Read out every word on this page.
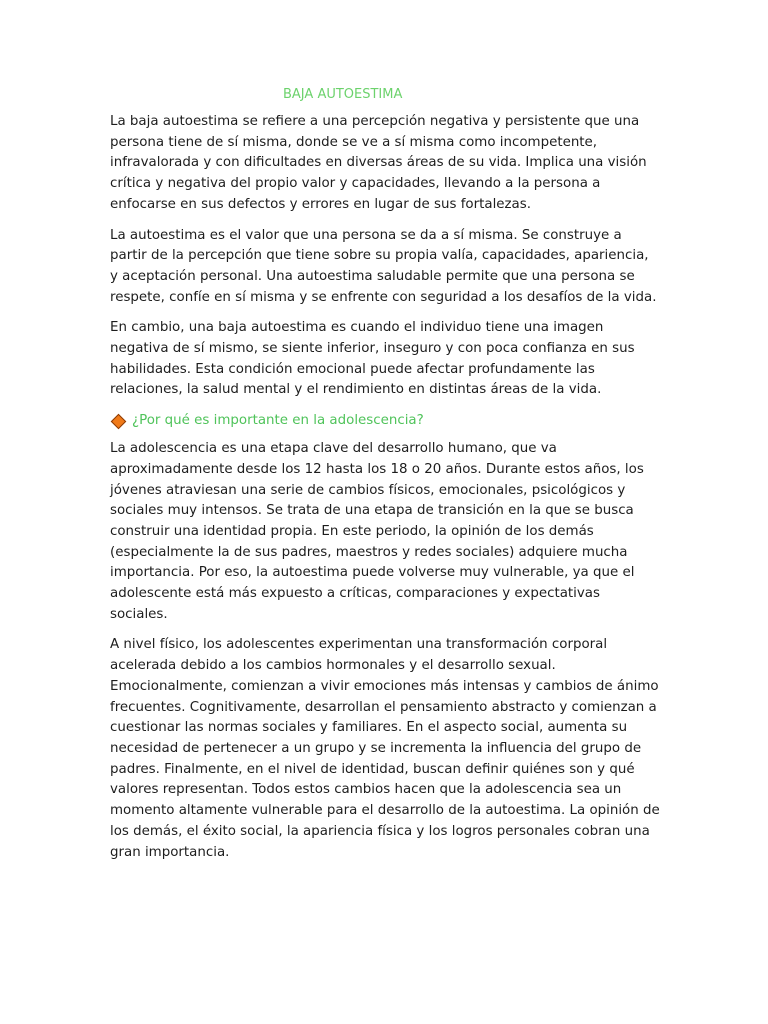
BAJA AUTOESTIMA

La baja autoestima se refiere a una percepción negativa y persistente que una persona tiene de sí misma, donde se ve a sí misma como incompetente, infravalorada y con dificultades en diversas áreas de su vida. Implica una visión crítica y negativa del propio valor y capacidades, llevando a la persona a enfocarse en sus defectos y errores en lugar de sus fortalezas.

La autoestima es el valor que una persona se da a sí misma. Se construye a partir de la percepción que tiene sobre su propia valía, capacidades, apariencia, y aceptación personal. Una autoestima saludable permite que una persona se respete, confíe en sí misma y se enfrente con seguridad a los desafíos de la vida.

En cambio, una baja autoestima es cuando el individuo tiene una imagen negativa de sí mismo, se siente inferior, inseguro y con poca confianza en sus habilidades. Esta condición emocional puede afectar profundamente las relaciones, la salud mental y el rendimiento en distintas áreas de la vida.

¿Por qué es importante en la adolescencia?

La adolescencia es una etapa clave del desarrollo humano, que va aproximadamente desde los 12 hasta los 18 o 20 años. Durante estos años, los jóvenes atraviesan una serie de cambios físicos, emocionales, psicológicos y sociales muy intensos. Se trata de una etapa de transición en la que se busca construir una identidad propia. En este periodo, la opinión de los demás (especialmente la de sus padres, maestros y redes sociales) adquiere mucha importancia. Por eso, la autoestima puede volverse muy vulnerable, ya que el adolescente está más expuesto a críticas, comparaciones y expectativas sociales.

A nivel físico, los adolescentes experimentan una transformación corporal acelerada debido a los cambios hormonales y el desarrollo sexual. Emocionalmente, comienzan a vivir emociones más intensas y cambios de ánimo frecuentes. Cognitivamente, desarrollan el pensamiento abstracto y comienzan a cuestionar las normas sociales y familiares. En el aspecto social, aumenta su necesidad de pertenecer a un grupo y se incrementa la influencia del grupo de padres. Finalmente, en el nivel de identidad, buscan definir quiénes son y qué valores representan. Todos estos cambios hacen que la adolescencia sea un momento altamente vulnerable para el desarrollo de la autoestima. La opinión de los demás, el éxito social, la apariencia física y los logros personales cobran una gran importancia.
